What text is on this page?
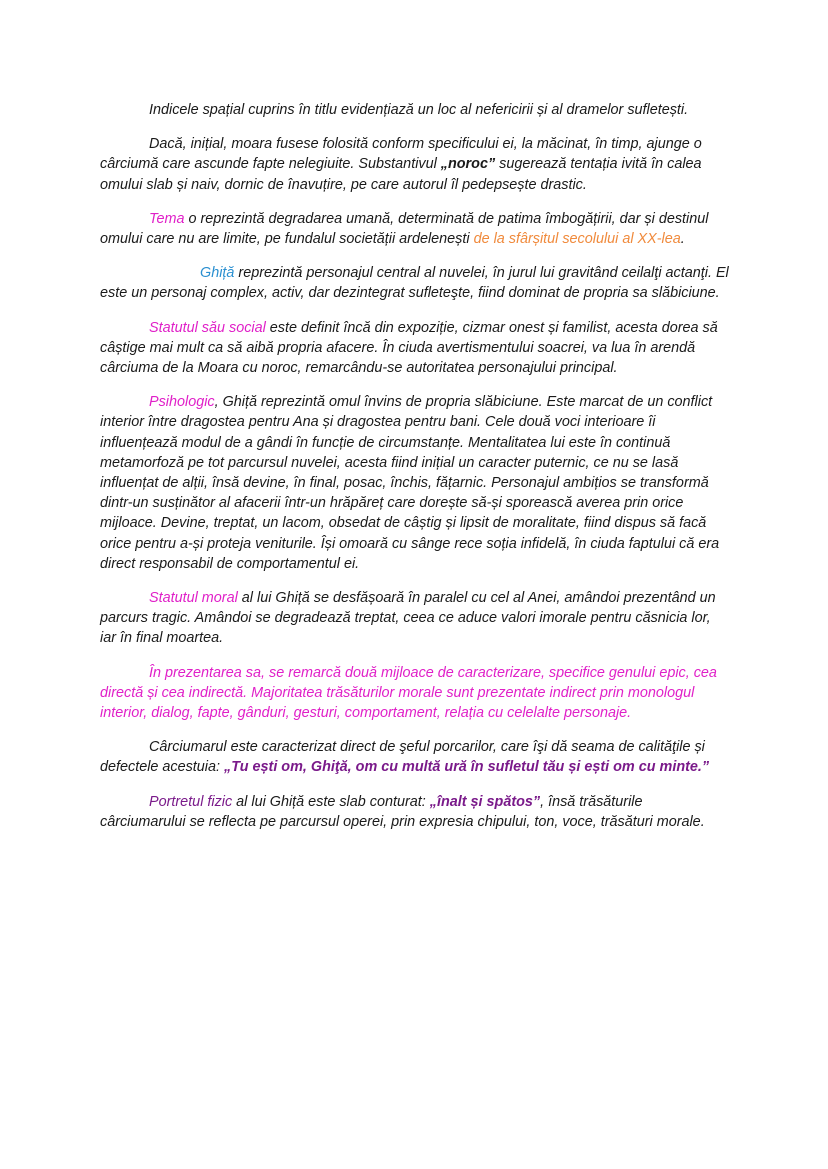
Indicele spațial cuprins în titlu evidențiază un loc al nefericirii și al dramelor sufletești.

Dacă, inițial, moara fusese folosită conform specificului ei, la măcinat, în timp, ajunge o cârciumă care ascunde fapte nelegiuite. Substantivul „noroc” sugerează tentația ivită în calea omului slab și naiv, dornic de înavuțire, pe care autorul îl pedepsește drastic.

Tema o reprezintă degradarea umană, determinată de patima îmbogățirii, dar și destinul omului care nu are limite, pe fundalul societății ardelenești de la sfârșitul secolului al XX-lea.

Ghiță reprezintă personajul central al nuvelei, în jurul lui gravitând ceilalţi actanţi. El este un personaj complex, activ, dar dezintegrat sufleteşte, fiind dominat de propria sa slăbiciune.

Statutul său social este definit încă din expoziție, cizmar onest și familist, acesta dorea să câștige mai mult ca să aibă propria afacere. În ciuda avertismentului soacrei, va lua în arendă cârciuma de la Moara cu noroc, remarcându-se autoritatea personajului principal.

Psihologic, Ghiță reprezintă omul învins de propria slăbiciune. Este marcat de un conflict interior între dragostea pentru Ana și dragostea pentru bani. Cele două voci interioare îi influențează modul de a gândi în funcție de circumstanțe. Mentalitatea lui este în continuă metamorfoză pe tot parcursul nuvelei, acesta fiind inițial un caracter puternic, ce nu se lasă influențat de alții, însă devine, în final, posac, închis, fățarnic. Personajul ambițios se transformă dintr-un susținător al afacerii într-un hrăpăreț care dorește să-și sporească averea prin orice mijloace. Devine, treptat, un lacom, obsedat de câștig și lipsit de moralitate, fiind dispus să facă orice pentru a-și proteja veniturile. Își omoară cu sânge rece soția infidelă, în ciuda faptului că era direct responsabil de comportamentul ei.

Statutul moral al lui Ghiță se desfășoară în paralel cu cel al Anei, amândoi prezentând un parcurs tragic. Amândoi se degradează treptat, ceea ce aduce valori imorale pentru căsnicia lor, iar în final moartea.

În prezentarea sa, se remarcă două mijloace de caracterizare, specifice genului epic, cea directă și cea indirectă. Majoritatea trăsăturilor morale sunt prezentate indirect prin monologul interior, dialog, fapte, gânduri, gesturi, comportament, relația cu celelalte personaje.

Cârciumarul este caracterizat direct de şeful porcarilor, care îşi dă seama de calităţile și defectele acestuia: „Tu ești om, Ghiţă, om cu multă ură în sufletul tău și ești om cu minte.”

Portretul fizic al lui Ghiță este slab conturat: „înalt și spătos”, însă trăsăturile cârciumarului se reflecta pe parcursul operei, prin expresia chipului, ton, voce, trăsături morale.
